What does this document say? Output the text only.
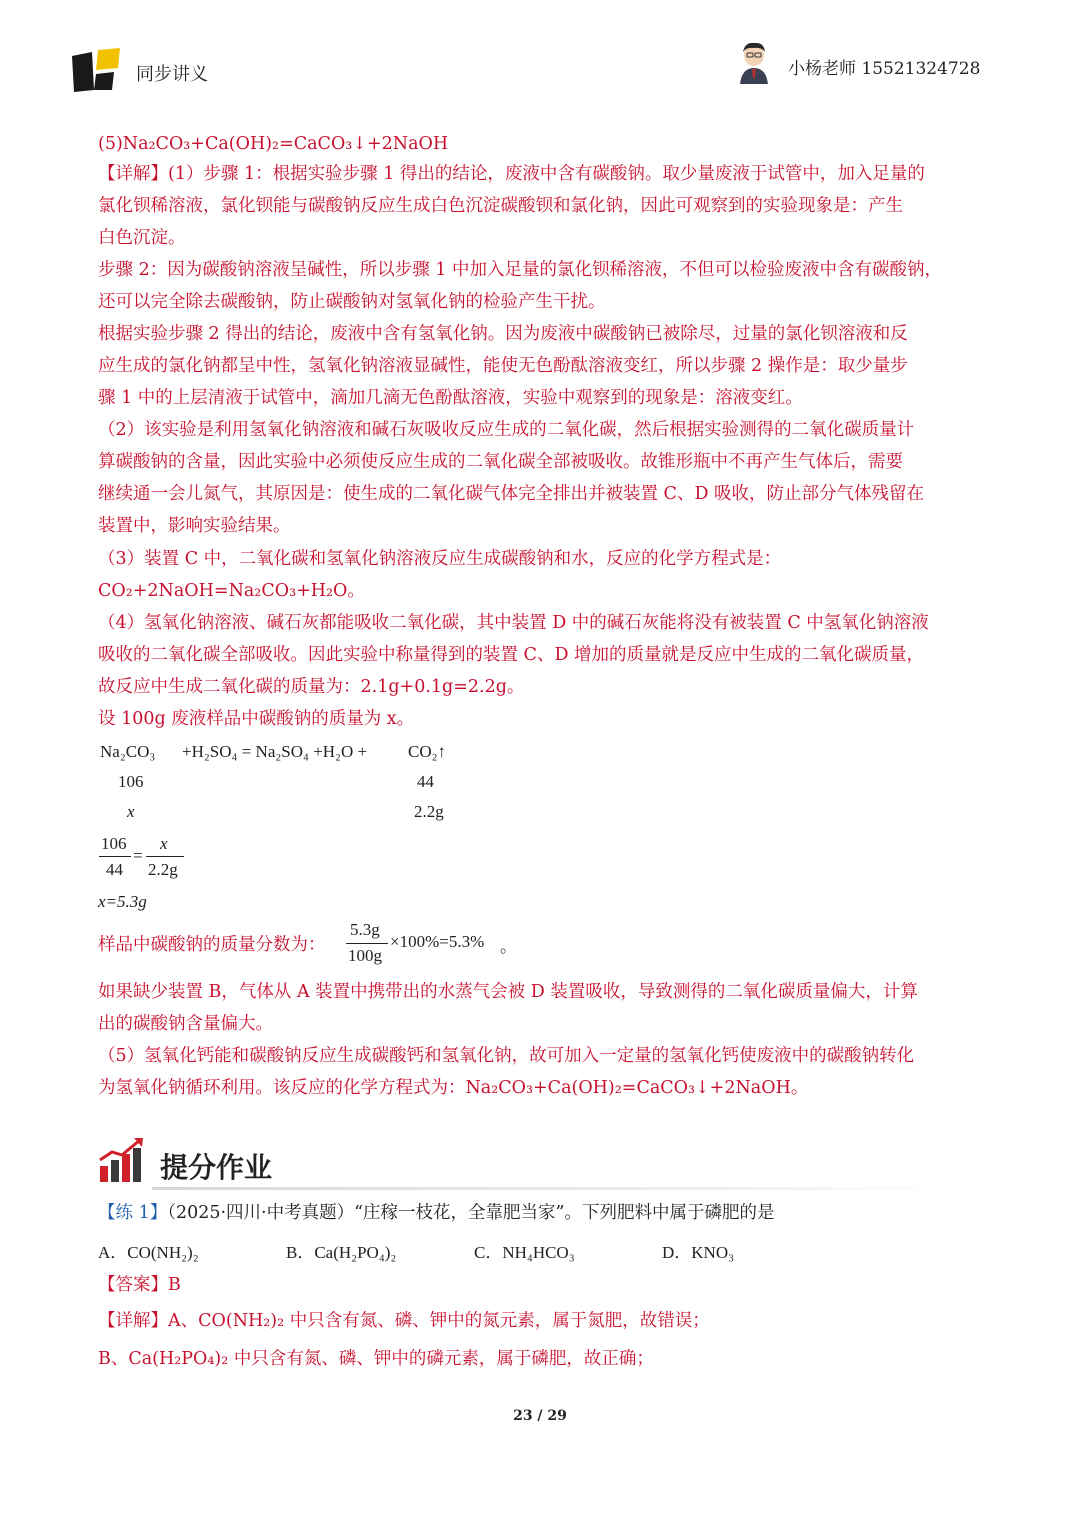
同步讲义	小杨老师 15521324728
(5)Na₂CO₃+Ca(OH)₂=CaCO₃↓+2NaOH
【详解】(1）步骤 1：根据实验步骤 1 得出的结论，废液中含有碳酸钠。取少量废液于试管中，加入足量的
氯化钡稀溶液，氯化钡能与碳酸钠反应生成白色沉淀碳酸钡和氯化钠，因此可观察到的实验现象是：产生
白色沉淀。
步骤 2：因为碳酸钠溶液呈碱性，所以步骤 1 中加入足量的氯化钡稀溶液，不但可以检验废液中含有碳酸钠，
还可以完全除去碳酸钠，防止碳酸钠对氢氧化钠的检验产生干扰。
根据实验步骤 2 得出的结论，废液中含有氢氧化钠。因为废液中碳酸钠已被除尽，过量的氯化钡溶液和反
应生成的氯化钠都呈中性，氢氧化钠溶液显碱性，能使无色酚酞溶液变红，所以步骤 2 操作是：取少量步
骤 1 中的上层清液于试管中，滴加几滴无色酚酞溶液，实验中观察到的现象是：溶液变红。
（2）该实验是利用氢氧化钠溶液和碱石灰吸收反应生成的二氧化碳，然后根据实验测得的二氧化碳质量计
算碳酸钠的含量，因此实验中必须使反应生成的二氧化碳全部被吸收。故锥形瓶中不再产生气体后，需要
继续通一会儿氮气，其原因是：使生成的二氧化碳气体完全排出并被装置 C、D 吸收，防止部分气体残留在
装置中，影响实验结果。
（3）装置 C 中，二氧化碳和氢氧化钠溶液反应生成碳酸钠和水，反应的化学方程式是：
CO₂+2NaOH=Na₂CO₃+H₂O。
（4）氢氧化钠溶液、碱石灰都能吸收二氧化碳，其中装置 D 中的碱石灰能将没有被装置 C 中氢氧化钠溶液
吸收的二氧化碳全部吸收。因此实验中称量得到的装置 C、D 增加的质量就是反应中生成的二氧化碳质量，
故反应中生成二氧化碳的质量为：2.1g+0.1g=2.2g。
设 100g 废液样品中碳酸钠的质量为 x。
Na₂CO₃ +H₂SO₄ = Na₂SO₄ +H₂O + CO₂↑
106	44
x	2.2g
106
44
=
x
2.2g
x=5.3g
样品中碳酸钠的质量分数为：
5.3g
100g
×100%=5.3% 。
如果缺少装置 B，气体从 A 装置中携带出的水蒸气会被 D 装置吸收，导致测得的二氧化碳质量偏大，计算
出的碳酸钠含量偏大。
（5）氢氧化钙能和碳酸钠反应生成碳酸钙和氢氧化钠，故可加入一定量的氢氧化钙使废液中的碳酸钠转化
为氢氧化钠循环利用。该反应的化学方程式为：Na₂CO₃+Ca(OH)₂=CaCO₃↓+2NaOH。
提分作业
【练 1】（2025·四川·中考真题）“庄稼一枝花，全靠肥当家”。下列肥料中属于磷肥的是
A．CO(NH₂)₂	B．Ca(H₂PO₄)₂	C．NH₄HCO₃	D．KNO₃
【答案】B
【详解】A、CO(NH₂)₂ 中只含有氮、磷、钾中的氮元素，属于氮肥，故错误；
B、Ca(H₂PO₄)₂ 中只含有氮、磷、钾中的磷元素，属于磷肥，故正确；
23 / 29
